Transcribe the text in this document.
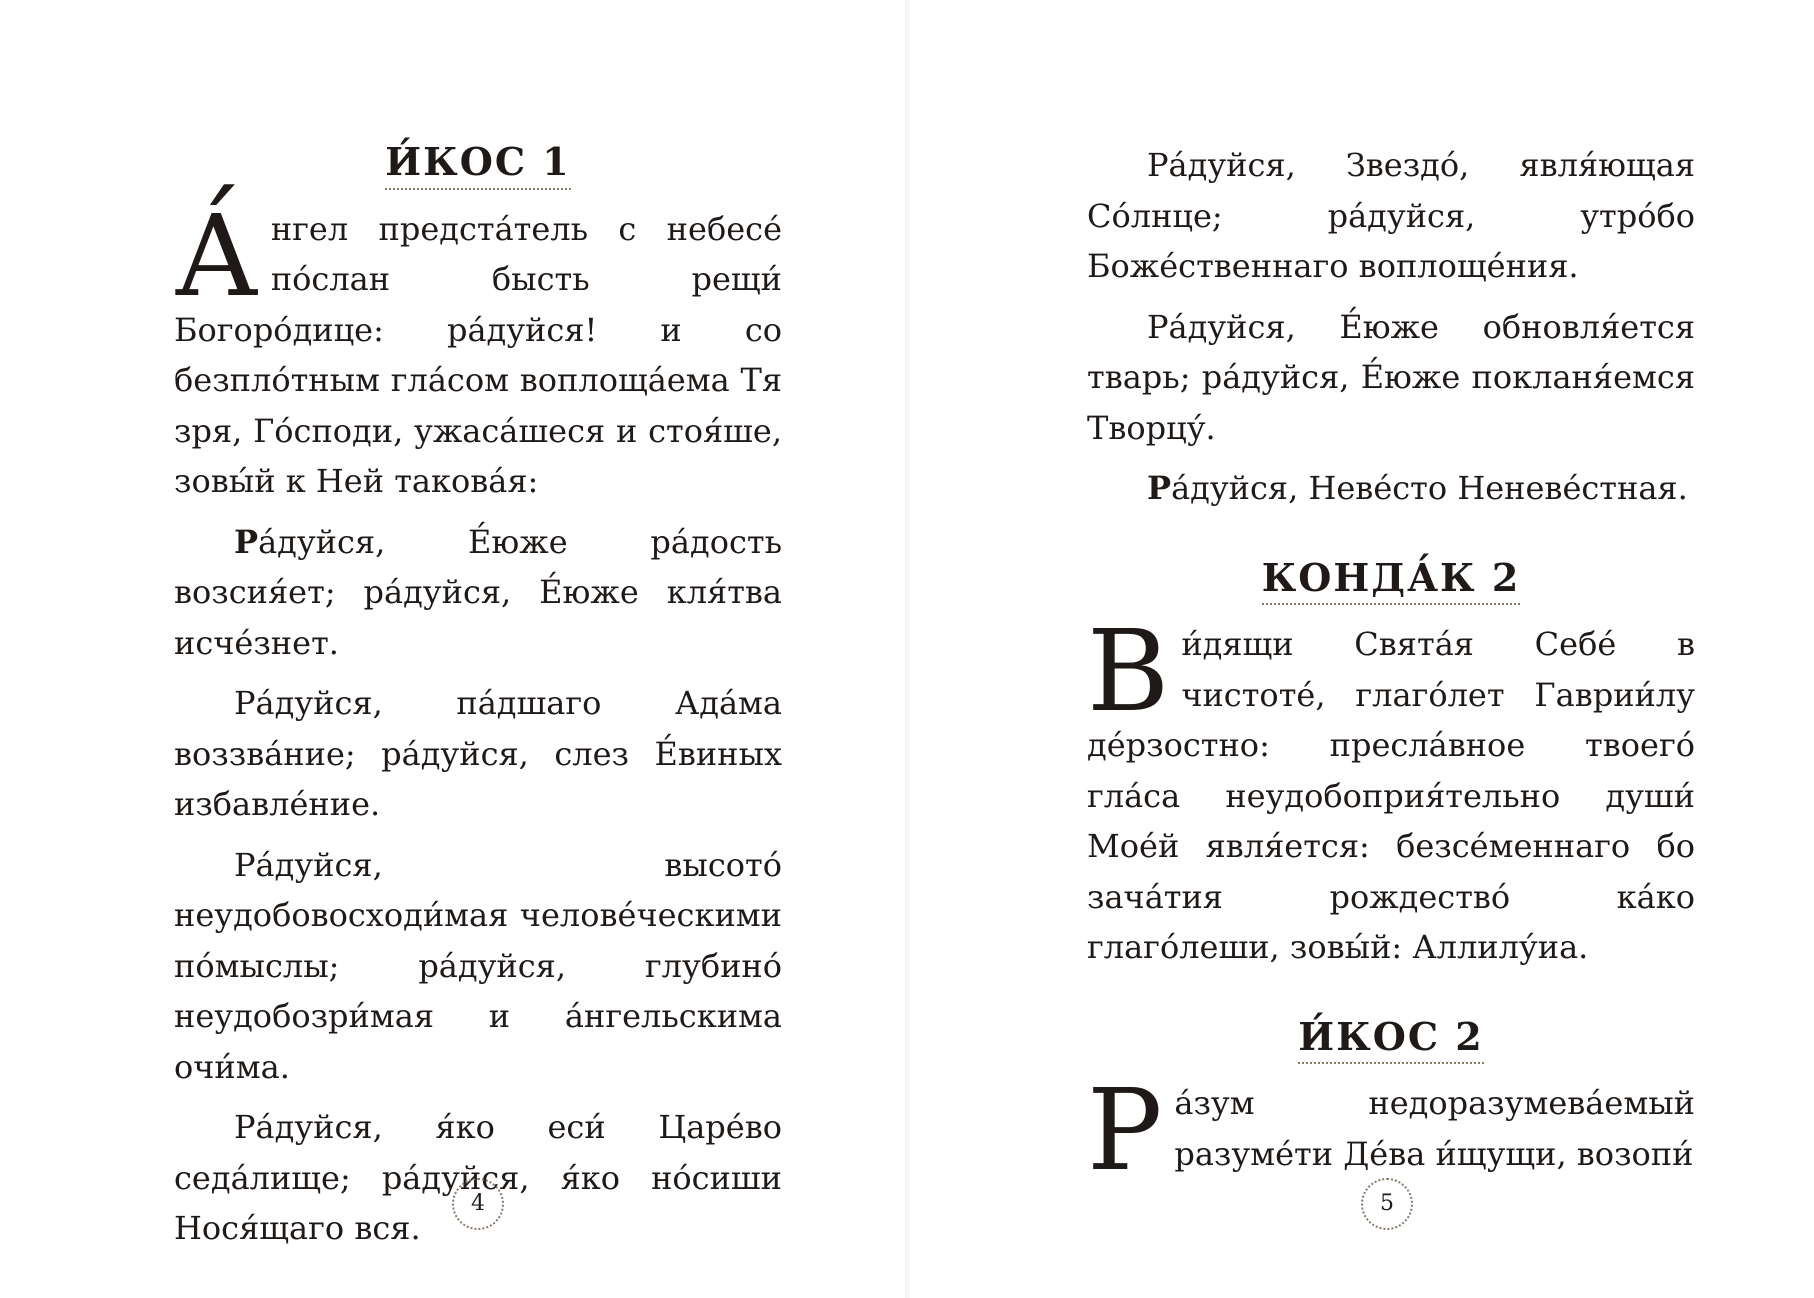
И́КОС 1

А́нгел предста́тель с небесе́ по́слан бысть рещи́ Богоро́дице: ра́дуйся! и со безпло́тным гла́сом воплоща́ема Тя зря, Го́споди, ужаса́шеся и стоя́ше, зовы́й к Ней такова́я:

Ра́дуйся, Е́юже ра́дость возсия́ет; ра́дуйся, Е́юже кля́тва исче́знет.

Ра́дуйся, па́дшаго Ада́ма воззва́ние; ра́дуйся, слез Е́виных избавле́ние.

Ра́дуйся, высото́ неудобовосходи́мая челове́ческими по́мыслы; ра́дуйся, глубино́ неудобозри́мая и а́нгельскима очи́ма.

Ра́дуйся, я́ко еси́ Царе́во седа́лище; ра́дуйся, я́ко но́сиши Нося́щаго вся.

4

Ра́дуйся, Звездо́, явля́ющая Со́лнце; ра́дуйся, утро́бо Боже́ственнаго воплоще́ния.

Ра́дуйся, Е́юже обновля́ется тварь; ра́дуйся, Е́юже покланя́емся Творцу́.

Ра́дуйся, Неве́сто Неневе́стная.

КОНДА́К 2

Ви́дящи Свята́я Себе́ в чистоте́, глаго́лет Гаврии́лу де́рзостно: пресла́вное твоего́ гла́са неудобоприя́тельно души́ Мое́й явля́ется: безсе́меннаго бо зача́тия рождество́ ка́ко глаго́леши, зовы́й: Аллилу́иа.

И́КОС 2

Ра́зум недоразумева́емый разуме́ти Де́ва и́щущи, возопи́

5
